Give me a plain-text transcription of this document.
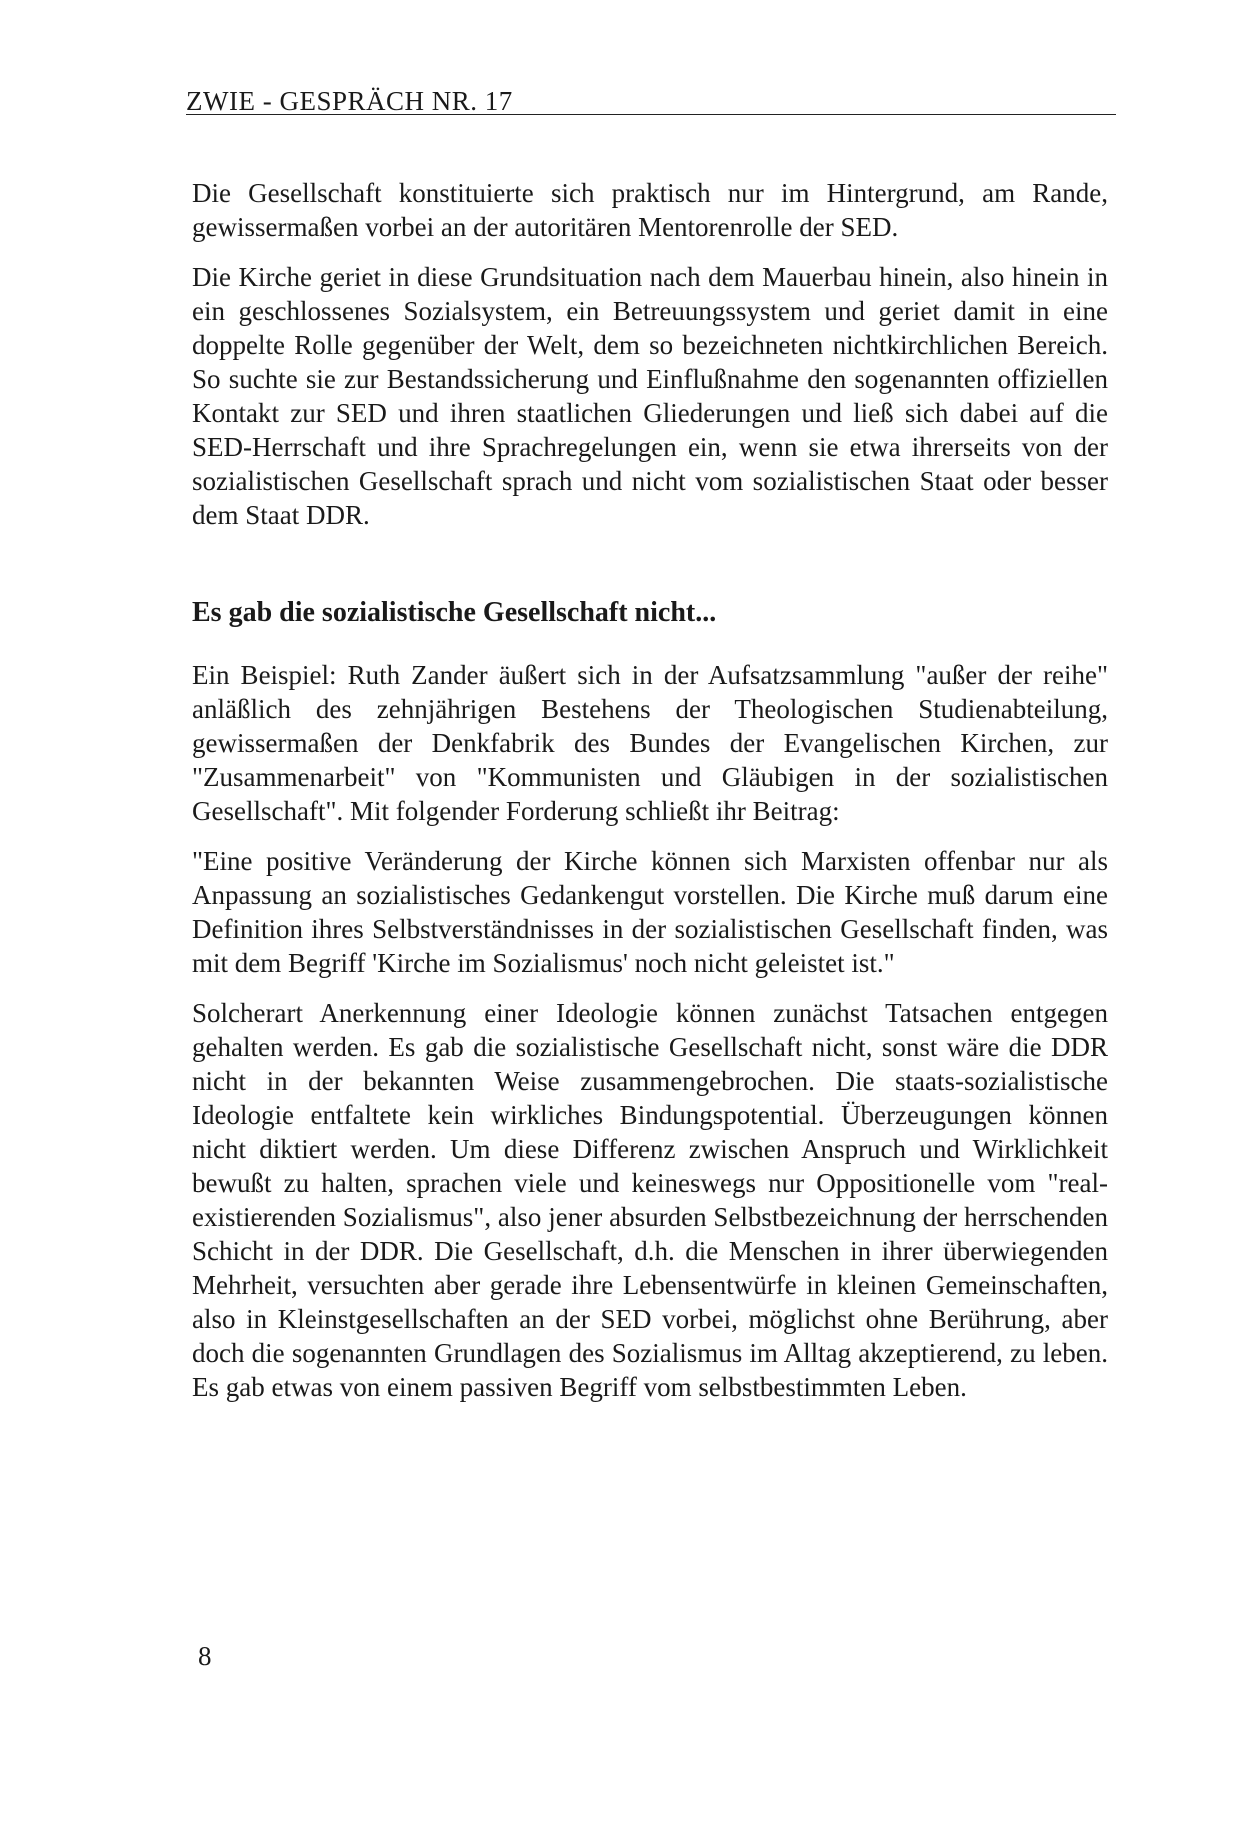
ZWIE - GESPRÄCH NR. 17

Die Gesellschaft konstituierte sich praktisch nur im Hintergrund, am Rande, gewissermaßen vorbei an der autoritären Mentorenrolle der SED.

Die Kirche geriet in diese Grundsituation nach dem Mauerbau hinein, also hinein in ein geschlossenes Sozialsystem, ein Betreuungssystem und geriet damit in eine doppelte Rolle gegenüber der Welt, dem so bezeichneten nichtkirchlichen Bereich. So suchte sie zur Bestandssicherung und Einflußnahme den sogenannten offiziellen Kontakt zur SED und ihren staatlichen Gliederungen und ließ sich dabei auf die SED-Herrschaft und ihre Sprachregelungen ein, wenn sie etwa ihrerseits von der sozialistischen Gesellschaft sprach und nicht vom sozialistischen Staat oder besser dem Staat DDR.

Es gab die sozialistische Gesellschaft nicht...

Ein Beispiel: Ruth Zander äußert sich in der Aufsatzsammlung "außer der reihe" anläßlich des zehnjährigen Bestehens der Theologischen Studienabteilung, gewissermaßen der Denkfabrik des Bundes der Evangelischen Kirchen, zur "Zusammenarbeit" von "Kommunisten und Gläubigen in der sozialistischen Gesellschaft". Mit folgender Forderung schließt ihr Beitrag:

"Eine positive Veränderung der Kirche können sich Marxisten offenbar nur als Anpassung an sozialistisches Gedankengut vorstellen. Die Kirche muß darum eine Definition ihres Selbstverständnisses in der sozialistischen Gesellschaft finden, was mit dem Begriff 'Kirche im Sozialismus' noch nicht geleistet ist."

Solcherart Anerkennung einer Ideologie können zunächst Tatsachen entgegen gehalten werden. Es gab die sozialistische Gesellschaft nicht, sonst wäre die DDR nicht in der bekannten Weise zusammengebrochen. Die staats-sozialistische Ideologie entfaltete kein wirkliches Bindungspotential. Überzeugungen können nicht diktiert werden. Um diese Differenz zwischen Anspruch und Wirklichkeit bewußt zu halten, sprachen viele und keineswegs nur Oppositionelle vom "real-existierenden Sozialismus", also jener absurden Selbstbezeichnung der herrschenden Schicht in der DDR. Die Gesellschaft, d.h. die Menschen in ihrer überwiegenden Mehrheit, versuchten aber gerade ihre Lebensentwürfe in kleinen Gemeinschaften, also in Kleinstgesellschaften an der SED vorbei, möglichst ohne Berührung, aber doch die sogenannten Grundlagen des Sozialismus im Alltag akzeptierend, zu leben. Es gab etwas von einem passiven Begriff vom selbstbestimmten Leben.

8
